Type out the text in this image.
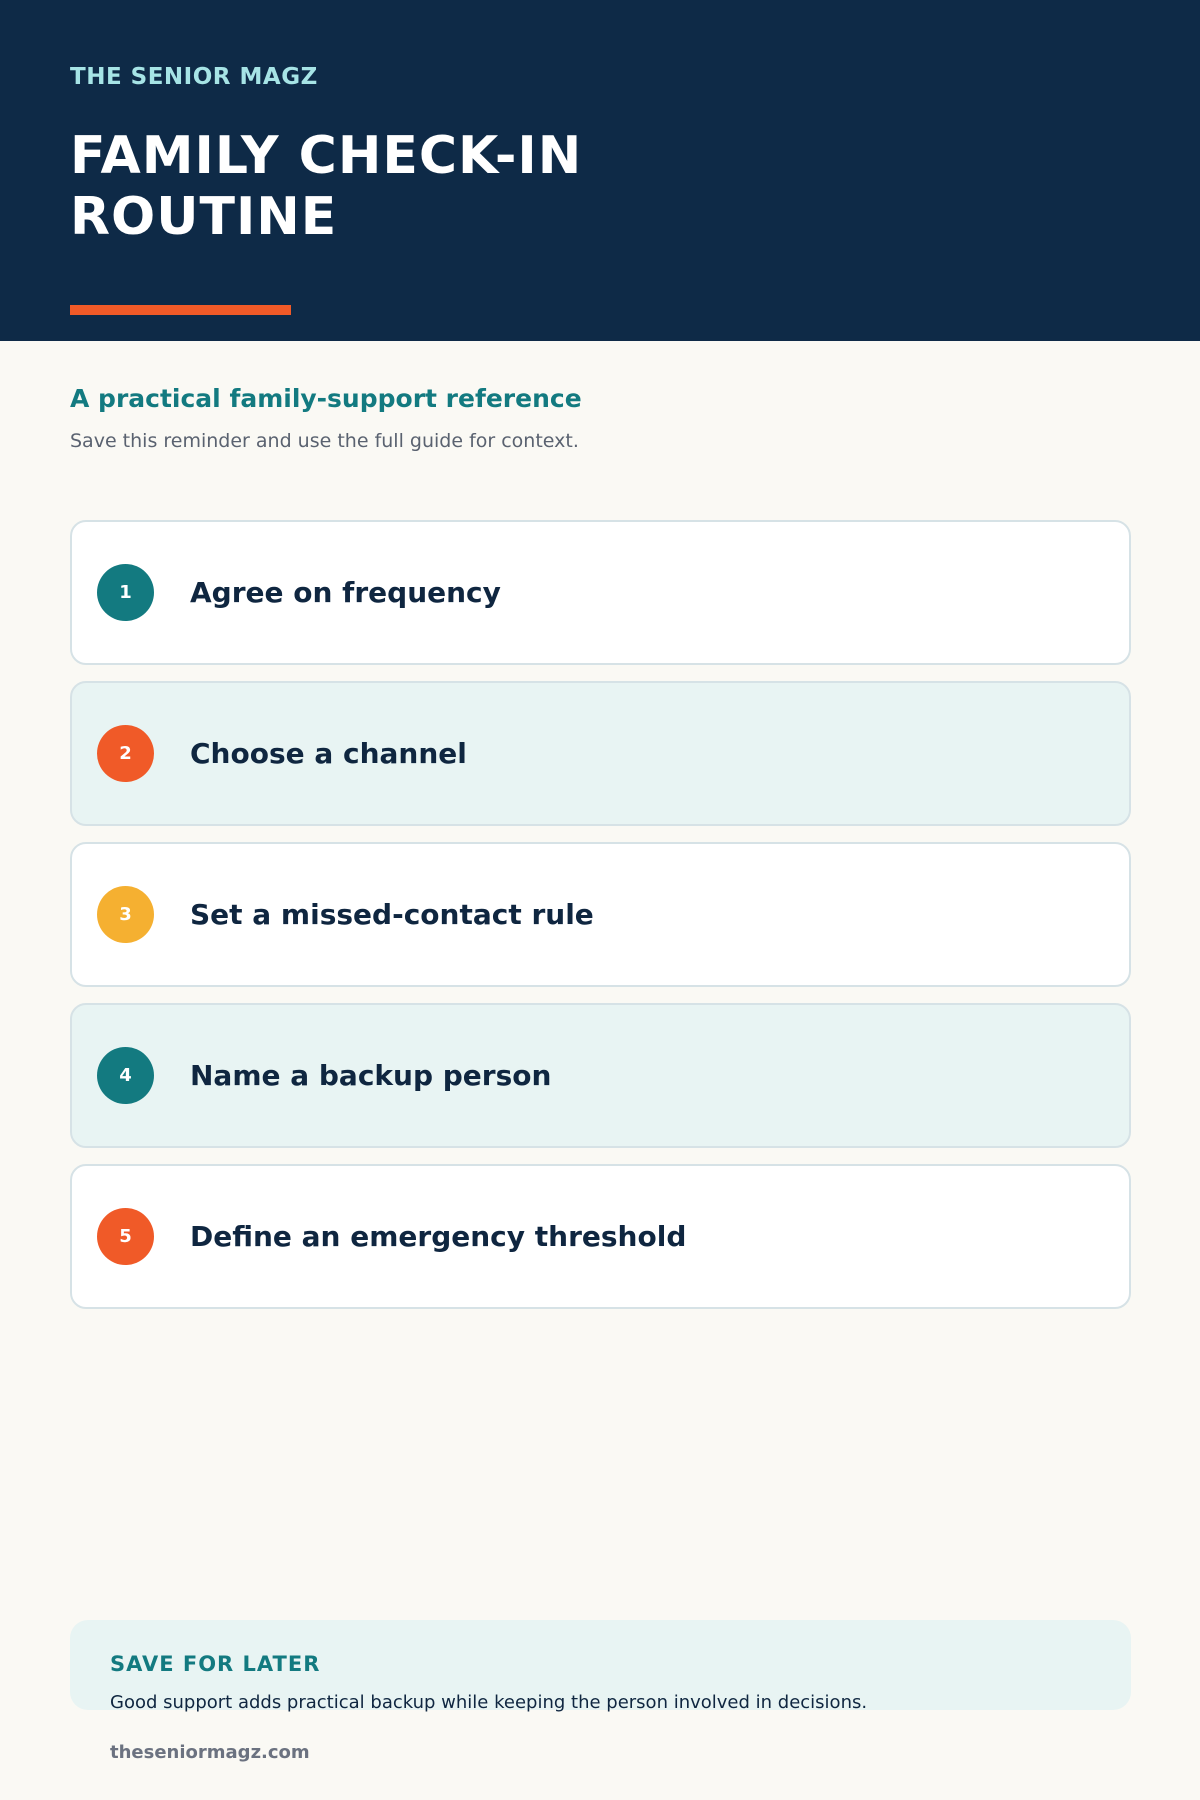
THE SENIOR MAGZ
FAMILY CHECK-IN
ROUTINE
A practical family-support reference
Save this reminder and use the full guide for context.
1	Agree on frequency
2	Choose a channel
3	Set a missed-contact rule
4	Name a backup person
5	Define an emergency threshold
SAVE FOR LATER
Good support adds practical backup while keeping the person involved in decisions.
theseniormagz.com
